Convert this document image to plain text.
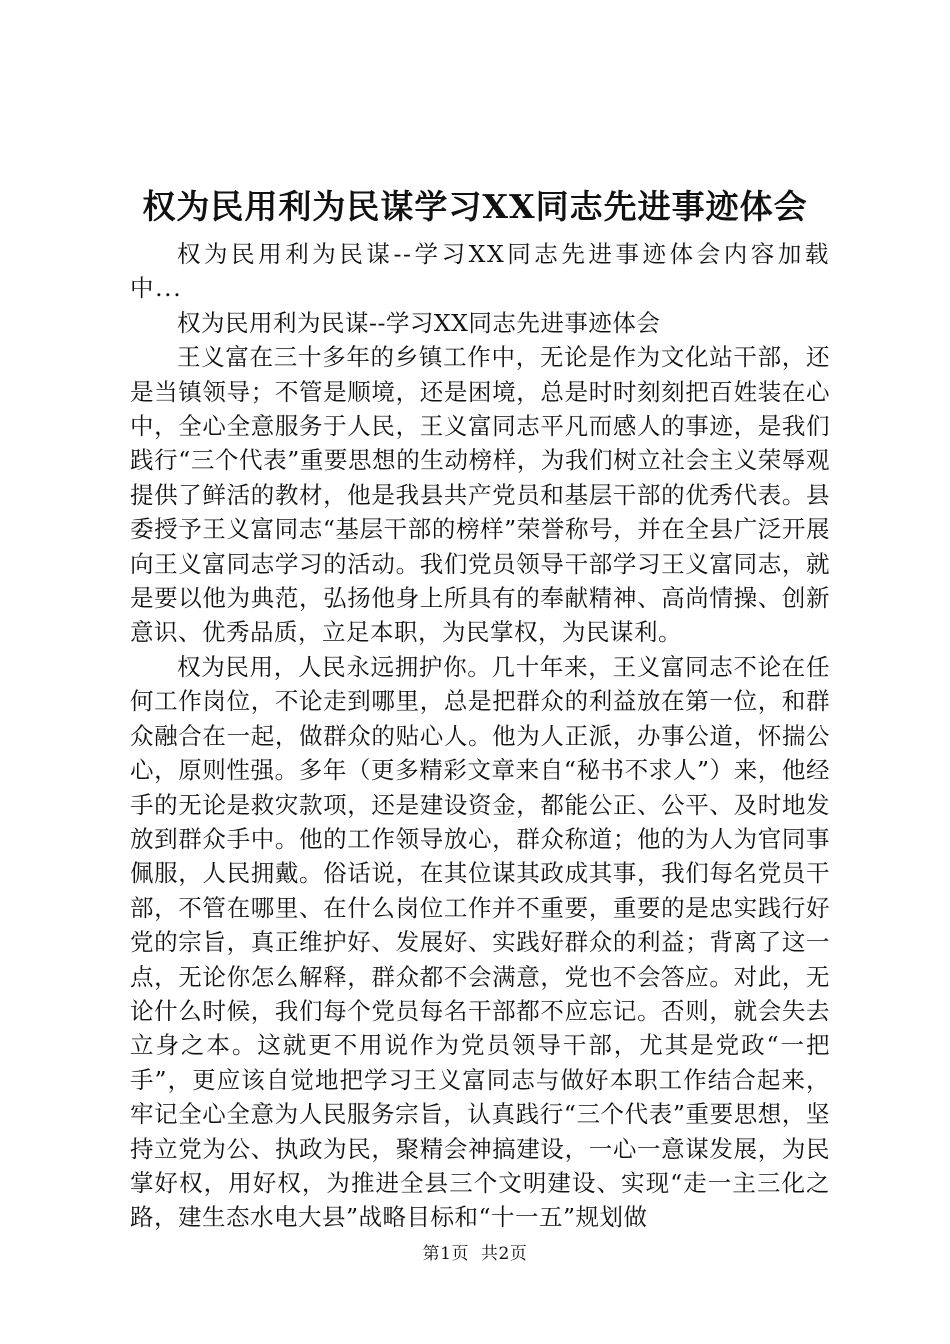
权为民用利为民谋学习XX同志先进事迹体会

权为民用利为民谋--学习XX同志先进事迹体会内容加载中...

权为民用利为民谋--学习XX同志先进事迹体会

王义富在三十多年的乡镇工作中，无论是作为文化站干部，还是当镇领导；不管是顺境，还是困境，总是时时刻刻把百姓装在心中，全心全意服务于人民，王义富同志平凡而感人的事迹，是我们践行“三个代表”重要思想的生动榜样，为我们树立社会主义荣辱观提供了鲜活的教材，他是我县共产党员和基层干部的优秀代表。县委授予王义富同志“基层干部的榜样”荣誉称号，并在全县广泛开展向王义富同志学习的活动。我们党员领导干部学习王义富同志，就是要以他为典范，弘扬他身上所具有的奉献精神、高尚情操、创新意识、优秀品质，立足本职，为民掌权，为民谋利。

权为民用，人民永远拥护你。几十年来，王义富同志不论在任何工作岗位，不论走到哪里，总是把群众的利益放在第一位，和群众融合在一起，做群众的贴心人。他为人正派，办事公道，怀揣公心，原则性强。多年（更多精彩文章来自“秘书不求人”）来，他经手的无论是救灾款项，还是建设资金，都能公正、公平、及时地发放到群众手中。他的工作领导放心，群众称道；他的为人为官同事佩服，人民拥戴。俗话说，在其位谋其政成其事，我们每名党员干部，不管在哪里、在什么岗位工作并不重要，重要的是忠实践行好党的宗旨，真正维护好、发展好、实践好群众的利益；背离了这一点，无论你怎么解释，群众都不会满意，党也不会答应。对此，无论什么时候，我们每个党员每名干部都不应忘记。否则，就会失去立身之本。这就更不用说作为党员领导干部，尤其是党政“一把手”，更应该自觉地把学习王义富同志与做好本职工作结合起来，牢记全心全意为人民服务宗旨，认真践行“三个代表”重要思想，坚持立党为公、执政为民，聚精会神搞建设，一心一意谋发展，为民掌好权，用好权，为推进全县三个文明建设、实现“走一主三化之路，建生态水电大县”战略目标和“十一五”规划做

第1页 共2页
